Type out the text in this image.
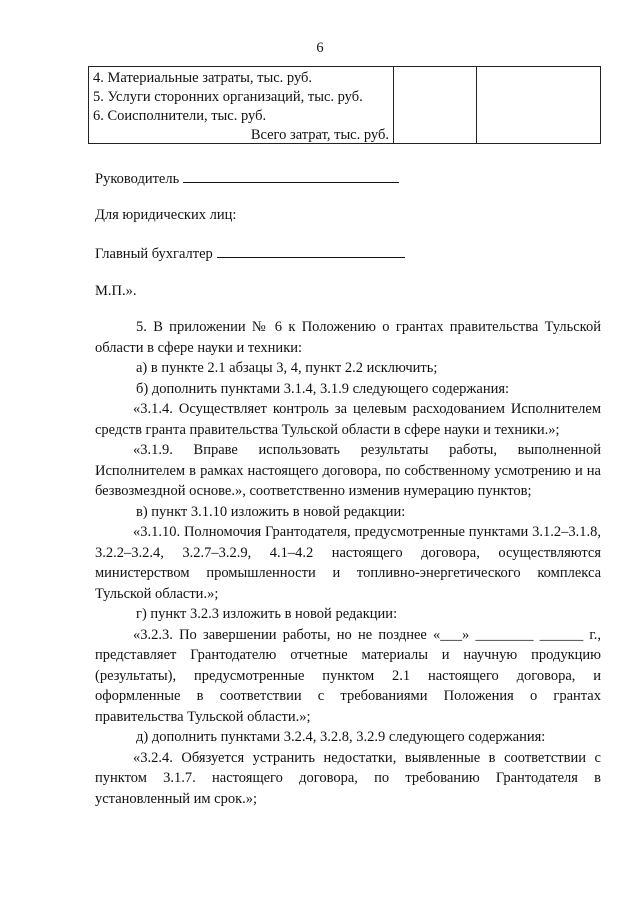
6
4. Материальные затраты, тыс. руб.
5. Услуги сторонних организаций, тыс. руб.
6. Соисполнители, тыс. руб.
Всего затрат, тыс. руб.
Руководитель
Для юридических лиц:
Главный бухгалтер
М.П.».

5. В приложении № 6 к Положению о грантах правительства Тульской области в сфере науки и техники:

а) в пункте 2.1 абзацы 3, 4, пункт 2.2 исключить;

б) дополнить пунктами 3.1.4, 3.1.9 следующего содержания:

«3.1.4. Осуществляет контроль за целевым расходованием Исполнителем средств гранта правительства Тульской области в сфере науки и техники.»;

«3.1.9. Вправе использовать результаты работы, выполненной Исполнителем в рамках настоящего договора, по собственному усмотрению и на безвозмездной основе.», соответственно изменив нумерацию пунктов;

в) пункт 3.1.10 изложить в новой редакции:

«3.1.10. Полномочия Грантодателя, предусмотренные пунктами 3.1.2–3.1.8, 3.2.2–3.2.4, 3.2.7–3.2.9, 4.1–4.2 настоящего договора, осуществляются министерством промышленности и топливно-энергетического комплекса Тульской области.»;

г) пункт 3.2.3 изложить в новой редакции:

«3.2.3. По завершении работы, но не позднее «___» ________ ______ г., представляет Грантодателю отчетные материалы и научную продукцию (результаты), предусмотренные пунктом 2.1 настоящего договора, и оформленные в соответствии с требованиями Положения о грантах правительства Тульской области.»;

д) дополнить пунктами 3.2.4, 3.2.8, 3.2.9 следующего содержания:

«3.2.4. Обязуется устранить недостатки, выявленные в соответствии с пунктом 3.1.7. настоящего договора, по требованию Грантодателя в установленный им срок.»;
